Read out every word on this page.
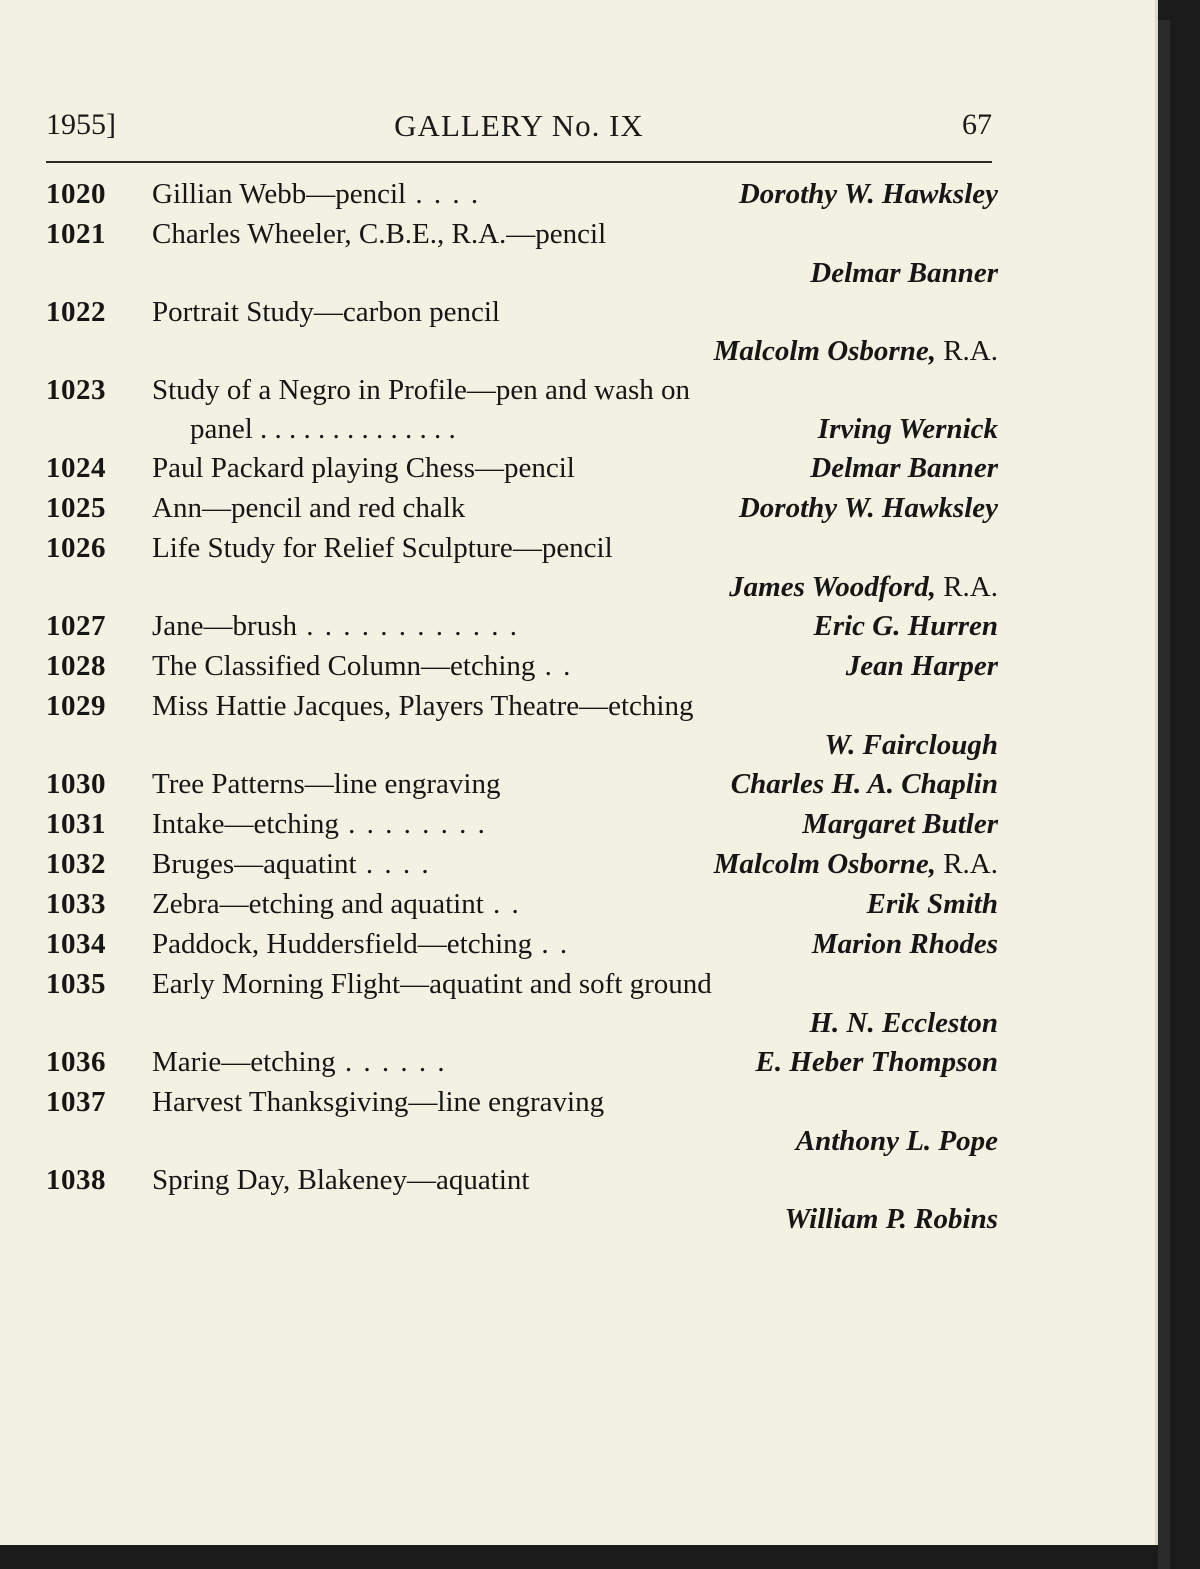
1955]	GALLERY No. IX	67
1020 Gillian Webb—pencil . . . .	Dorothy W. Hawksley
1021 Charles Wheeler, C.B.E., R.A.—pencil
Delmar Banner
1022 Portrait Study—carbon pencil
Malcolm Osborne, R.A.
1023 Study of a Negro in Profile—pen and wash on
panel . . . . . . . . . . . . . .	Irving Wernick
1024 Paul Packard playing Chess—pencil	Delmar Banner
1025 Ann—pencil and red chalk	Dorothy W. Hawksley
1026 Life Study for Relief Sculpture—pencil
James Woodford, R.A.
1027 Jane—brush . . . . . . . . . . . .	Eric G. Hurren
1028 The Classified Column—etching . .	Jean Harper
1029 Miss Hattie Jacques, Players Theatre—etching
W. Fairclough
1030 Tree Patterns—line engraving	Charles H. A. Chaplin
1031 Intake—etching . . . . . . . .	Margaret Butler
1032 Bruges—aquatint . . . .	Malcolm Osborne, R.A.
1033 Zebra—etching and aquatint . .	Erik Smith
1034 Paddock, Huddersfield—etching . .	Marion Rhodes
1035 Early Morning Flight—aquatint and soft ground
H. N. Eccleston
1036 Marie—etching . . . . . .	E. Heber Thompson
1037 Harvest Thanksgiving—line engraving
Anthony L. Pope
1038 Spring Day, Blakeney—aquatint
William P. Robins
